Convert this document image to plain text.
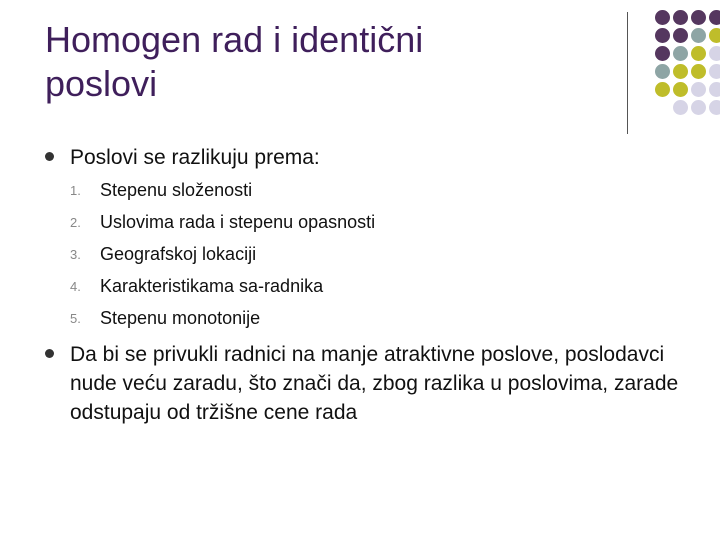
Homogen rad i identični
poslovi
Poslovi se razlikuju prema:
1.	Stepenu složenosti
2.	Uslovima rada i stepenu opasnosti
3.	Geografskoj lokaciji
4.	Karakteristikama sa-radnika
5.	Stepenu monotonije
Da bi se privukli radnici na manje atraktivne poslove, poslodavci nude veću zaradu, što znači da, zbog razlika u poslovima, zarade odstupaju od tržišne cene rada
